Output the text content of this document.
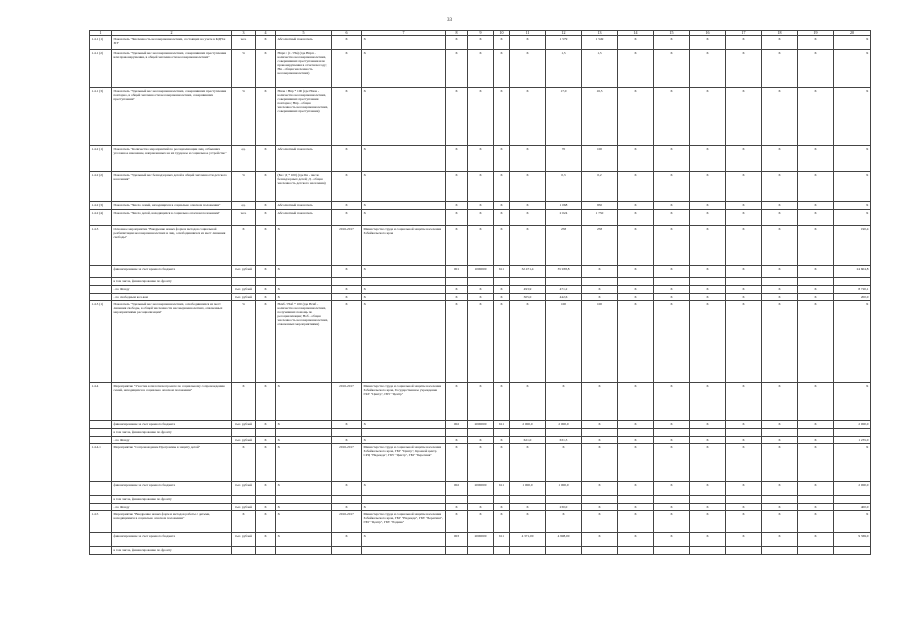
33
1	2	3	4	5	6	7	8	9	10	11	12	13	14	15	16	17	18	19	20
1.4.1 (1)	Показатель "Численность несовершеннолетних, состоящих на учете в КДН и ЗП"	чел.	X	Абсолютный показатель	X	X	X	X	X	X	1 579	1 549	X	X	X	X	X	X	X
1.4.1 (2)	Показатель "Удельный вес несовершеннолетних, совершивших преступления или правонарушения, в общей численности несовершеннолетних"	%	X	Нпрп / (1 / Нн) (где Нпрп - количество несовершеннолетних, совершивших преступления или правонарушения в отчетном году; Нн - общая численность несовершеннолетних)	X	X	X	X	X	X	1,5	1,5	X	X	X	X	X	X	X
1.4.1 (3)	Показатель "Удельный вес несовершеннолетних, совершивших преступления повторно, в общей численности несовершеннолетних, совершивших преступления"	%	X	Нпов / Нпр * 100 (где Нпов - количество несовершеннолетних, совершивших преступления повторно; Нпр - общая численность несовершеннолетних, совершивших преступления)	X	X	X	X	X	X	17,0	16,5	X	X	X	X	X	X	X
1.4.2 (1)	Показатель "Количество мероприятий по ресоциализации лиц, отбывших уголовное наказание, направленных на их трудовое и социальное устройство"	ед.	X	Абсолютный показатель	X	X	X	X	X	X	70	100	X	X	X	X	X	X	X
1.4.2 (2)	Показатель "Удельный вес безнадзорных детей в общей численности детского населения"	%	X	(Бн / Д * 100) (где Бн - число безнадзорных детей; Д - общая численность детского населения)	X	X	X	X	X	X	0,3	0,2	X	X	X	X	X	X	X
1.4.2 (3)	Показатель "Число семей, находящихся в социально опасном положении"	ед.	X	Абсолютный показатель	X	X	X	X	X	X	1 068	950	X	X	X	X	X	X	X
1.4.2 (4)	Показатель "Число детей, находящихся в социально опасном положении"	чел.	X	Абсолютный показатель	X	X	X	X	X	X	2 024	1 750	X	X	X	X	X	X	X
1.4.3	Основное мероприятие "Внедрение новых форм и методов социальной реабилитации несовершеннолетних и лиц, освободившихся из мест лишения свободы"	X	X	X	2016-2017	Министерство труда и социальной защиты населения Забайкальского края	X	X	X	X	258	258	X	X	X	X	X	X	190,4
	финансирование за счет краевого бюджета	тыс. рублей	X	X	X	X	001	1000000	611	32 471,4	35 938,8	X	X	X	X	X	X	X	24 604,8
	в том числе, финансирование по фронту																		
	- по Фонду	тыс. рублей	X	X	X	X	X	X	X	493,9	471,2	X	X	X	X	X	X	X	8 720,1
	- по свободным кол-вам	тыс. рублей	X	X	X	X	X	X	X	305,0	442,6	X	X	X	X	X	X	X	200,0
1.4.3 (1)	Показатель "Удельный вес несовершеннолетних, освободившихся из мест лишения свободы, в общей численности несовершеннолетних, охваченных мероприятиями ресоциализации"	%	X	Нсвб / Ноб * 100 (где Нсвб - количество несовершеннолетних, получивших помощь по ресоциализации; Ноб - общая численность несовершеннолетних, охваченных мероприятиями)	X	X	X	X	X	X	100	100	X	X	X	X	X	X	X
1.4.4	Мероприятие "Участие в пилотном проекте по социальному сопровождению семей, находящихся в социально опасном положении"	X	X	X	2016-2017	Министерство труда и социальной защиты населения Забайкальского края, Государственное учреждение ГКУ "Центр", ГБУ "Центр"	X	X	X	X	X	X	X	X	X	X	X	X	X
	финансирование за счет краевого бюджета	тыс. рублей	X	X	X	X	002	2000000	611	2 000,0	2 000,0	X	X	X	X	X	X	X	2 000,0
	в том числе, финансирование по фронту																		
	- по Фонду	тыс. рублей	X	X	X	X	X	X	X	621,0	631,3	X	X	X	X	X	X	X	1 235,0
1.4.4.1	Мероприятие "Сопровождение Программы в защиту детей"	X	X	X	2016-2017	Министерство труда и социальной защиты населения Забайкальского края, ГБУ "Центр", Краевой центр СРЦ "Надежда", ГБУ "Центр", ГБУ "Берегиня"	X	X	X	X	X	X	X	X	X	X	X	X	X
	финансирование за счет краевого бюджета	тыс. рублей	X	X	X	X	002	2000000	611	1 000,0	1 000,0	X	X	X	X	X	X	X	2 000,0
	в том числе, финансирование по фронту																		
	- по Фонду	тыс. рублей	X	X	X	X	X	X	X	X	230,0	X	X	X	X	X	X	X	400,0
1.4.5	Мероприятие "Внедрение новых форм и методов работы с детьми, находящимися в социально опасном положении"	X	X	X	2016-2017	Министерство труда и социальной защиты населения Забайкальского края, ГБУ "Надежда", ГБУ "Берегиня", ГБУ "Центр", ГБУ "Родник"	X	X	X	X	X	X	X	X	X	X	X	X	X
	финансирование за счет краевого бюджета	тыс. рублей	X	X	X	X	003	2000000	611	4 371,00	4 998,00	X	X	X	X	X	X	X	9 369,0
	в том числе, финансирование по фронту																		
